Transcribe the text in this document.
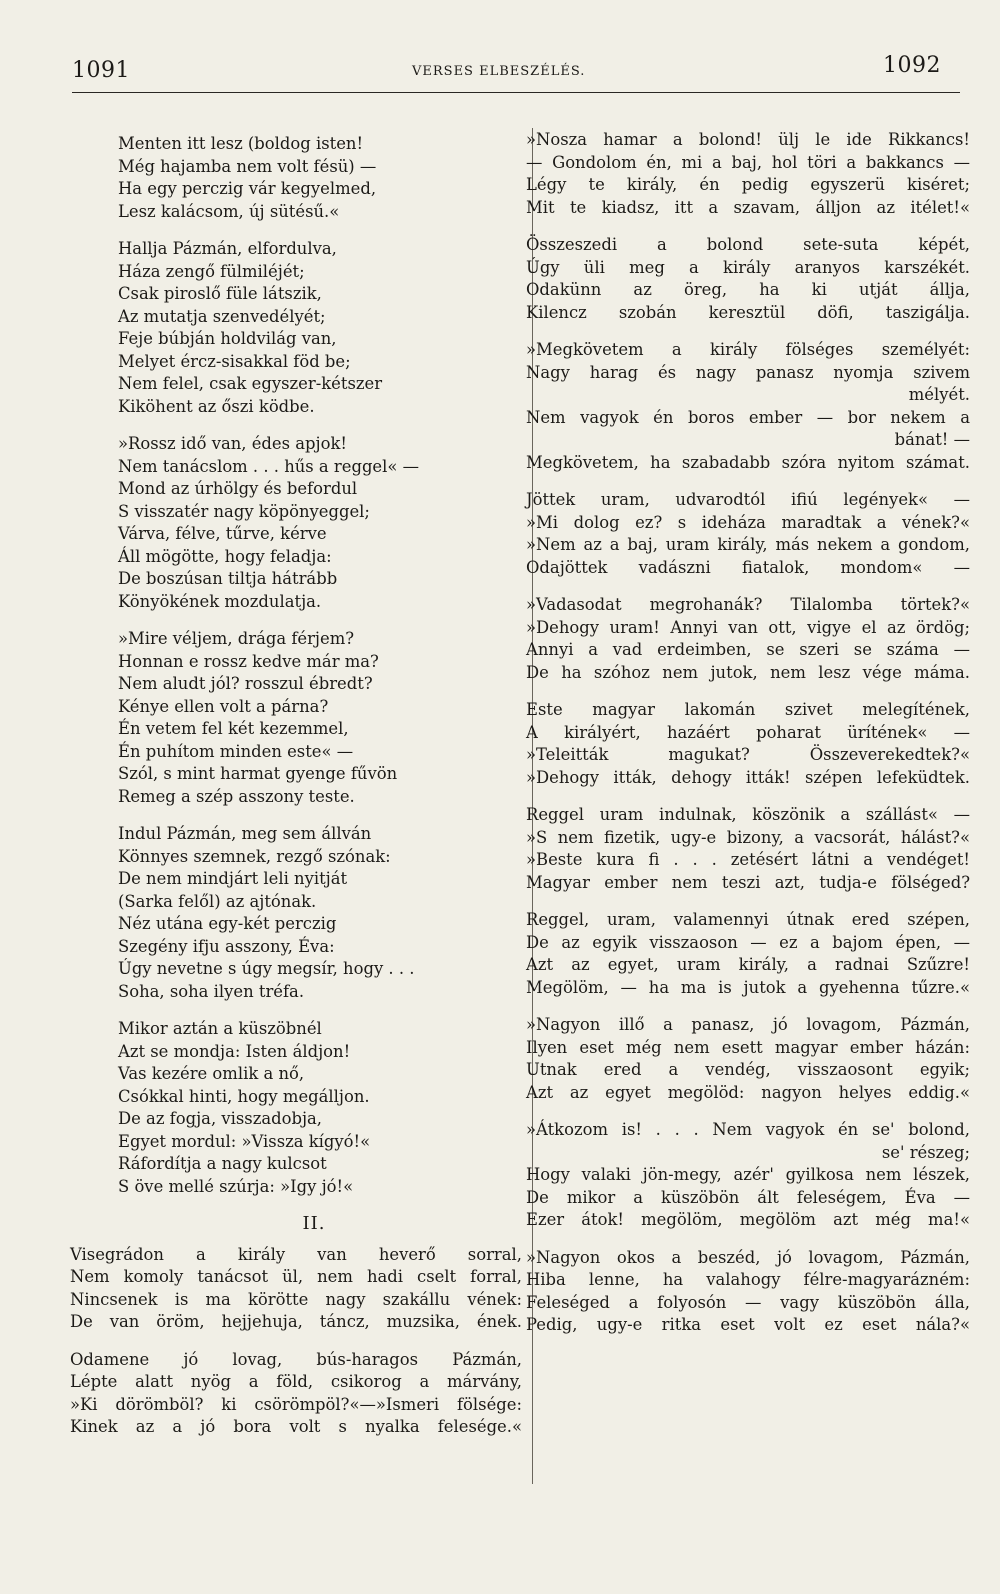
1091	VERSES ELBESZÉLÉS.	1092
Menten itt lesz (boldog isten!
Még hajamba nem volt fésü) —
Ha egy perczig vár kegyelmed,
Lesz kalácsom, új sütésű.«
Hallja Pázmán, elfordulva,
Háza zengő fülmiléjét;
Csak piroslő füle látszik,
Az mutatja szenvedélyét;
Feje búbján holdvilág van,
Melyet ércz-sisakkal föd be;
Nem felel, csak egyszer-kétszer
Kiköhent az őszi ködbe.
»Rossz idő van, édes apjok!
Nem tanácslom . . . hűs a reggel« —
Mond az úrhölgy és befordul
S visszatér nagy köpönyeggel;
Várva, félve, tűrve, kérve
Áll mögötte, hogy feladja:
De boszúsan tiltja hátrább
Könyökének mozdulatja.
»Mire véljem, drága férjem?
Honnan e rossz kedve már ma?
Nem aludt jól? rosszul ébredt?
Kénye ellen volt a párna?
Én vetem fel két kezemmel,
Én puhítom minden este« —
Szól, s mint harmat gyenge fűvön
Remeg a szép asszony teste.
Indul Pázmán, meg sem állván
Könnyes szemnek, rezgő szónak:
De nem mindjárt leli nyitját
(Sarka felől) az ajtónak.
Néz utána egy-két perczig
Szegény ifju asszony, Éva:
Úgy nevetne s úgy megsír, hogy . . .
Soha, soha ilyen tréfa.
Mikor aztán a küszöbnél
Azt se mondja: Isten áldjon!
Vas kezére omlik a nő,
Csókkal hinti, hogy megálljon.
De az fogja, visszadobja,
Egyet mordul: »Vissza kígyó!«
Ráfordítja a nagy kulcsot
S öve mellé szúrja: »Igy jó!«
II.
Visegrádon a király van heverő sorral,
Nem komoly tanácsot ül, nem hadi cselt forral,
Nincsenek is ma körötte nagy szakállu vének:
De van öröm, hejjehuja, táncz, muzsika, ének.
Odamene jó lovag, bús-haragos Pázmán,
Lépte alatt nyög a föld, csikorog a márvány,
»Ki dörömböl? ki csörömpöl?«—»Ismeri fölsége:
Kinek az a jó bora volt s nyalka felesége.«
»Nosza hamar a bolond! ülj le ide Rikkancs!
— Gondolom én, mi a baj, hol töri a bakkancs —
Légy te király, én pedig egyszerü kiséret;
Mit te kiadsz, itt a szavam, álljon az itélet!«
Összeszedi a bolond sete-suta képét,
Úgy üli meg a király aranyos karszékét.
Odakünn az öreg, ha ki utját állja,
Kilencz szobán keresztül döfi, taszigálja.
»Megkövetem a király fölséges személyét:
Nagy harag és nagy panasz nyomja szivem
mélyét.
Nem vagyok én boros ember — bor nekem a
bánat! —
Megkövetem, ha szabadabb szóra nyitom számat.
Jöttek uram, udvarodtól ifiú legények« —
»Mi dolog ez? s ideháza maradtak a vének?«
»Nem az a baj, uram király, más nekem a gondom,
Odajöttek vadászni fiatalok, mondom« —
»Vadasodat megrohanák? Tilalomba törtek?«
»Dehogy uram! Annyi van ott, vigye el az ördög;
Annyi a vad erdeimben, se szeri se száma —
De ha szóhoz nem jutok, nem lesz vége máma.
Este magyar lakomán szivet melegítének,
A királyért, hazáért poharat ürítének« —
»Teleitták magukat? Összeverekedtek?«
»Dehogy itták, dehogy itták! szépen lefeküdtek.
Reggel uram indulnak, köszönik a szállást« —
»S nem fizetik, ugy-e bizony, a vacsorát, hálást?«
»Beste kura fi . . . zetésért látni a vendéget!
Magyar ember nem teszi azt, tudja-e fölséged?
Reggel, uram, valamennyi útnak ered szépen,
De az egyik visszaoson — ez a bajom épen, —
Azt az egyet, uram király, a radnai Szűzre!
Megölöm, — ha ma is jutok a gyehenna tűzre.«
»Nagyon illő a panasz, jó lovagom, Pázmán,
Ilyen eset még nem esett magyar ember házán:
Utnak ered a vendég, visszaosont egyik;
Azt az egyet megölöd: nagyon helyes eddig.«
»Átkozom is! . . . Nem vagyok én se' bolond,
se' részeg;
Hogy valaki jön-megy, azér' gyilkosa nem lészek,
De mikor a küszöbön ált feleségem, Éva —
Ezer átok! megölöm, megölöm azt még ma!«
»Nagyon okos a beszéd, jó lovagom, Pázmán,
Hiba lenne, ha valahogy félre-magyarázném:
Feleséged a folyosón — vagy küszöbön álla,
Pedig, ugy-e ritka eset volt ez eset nála?«
